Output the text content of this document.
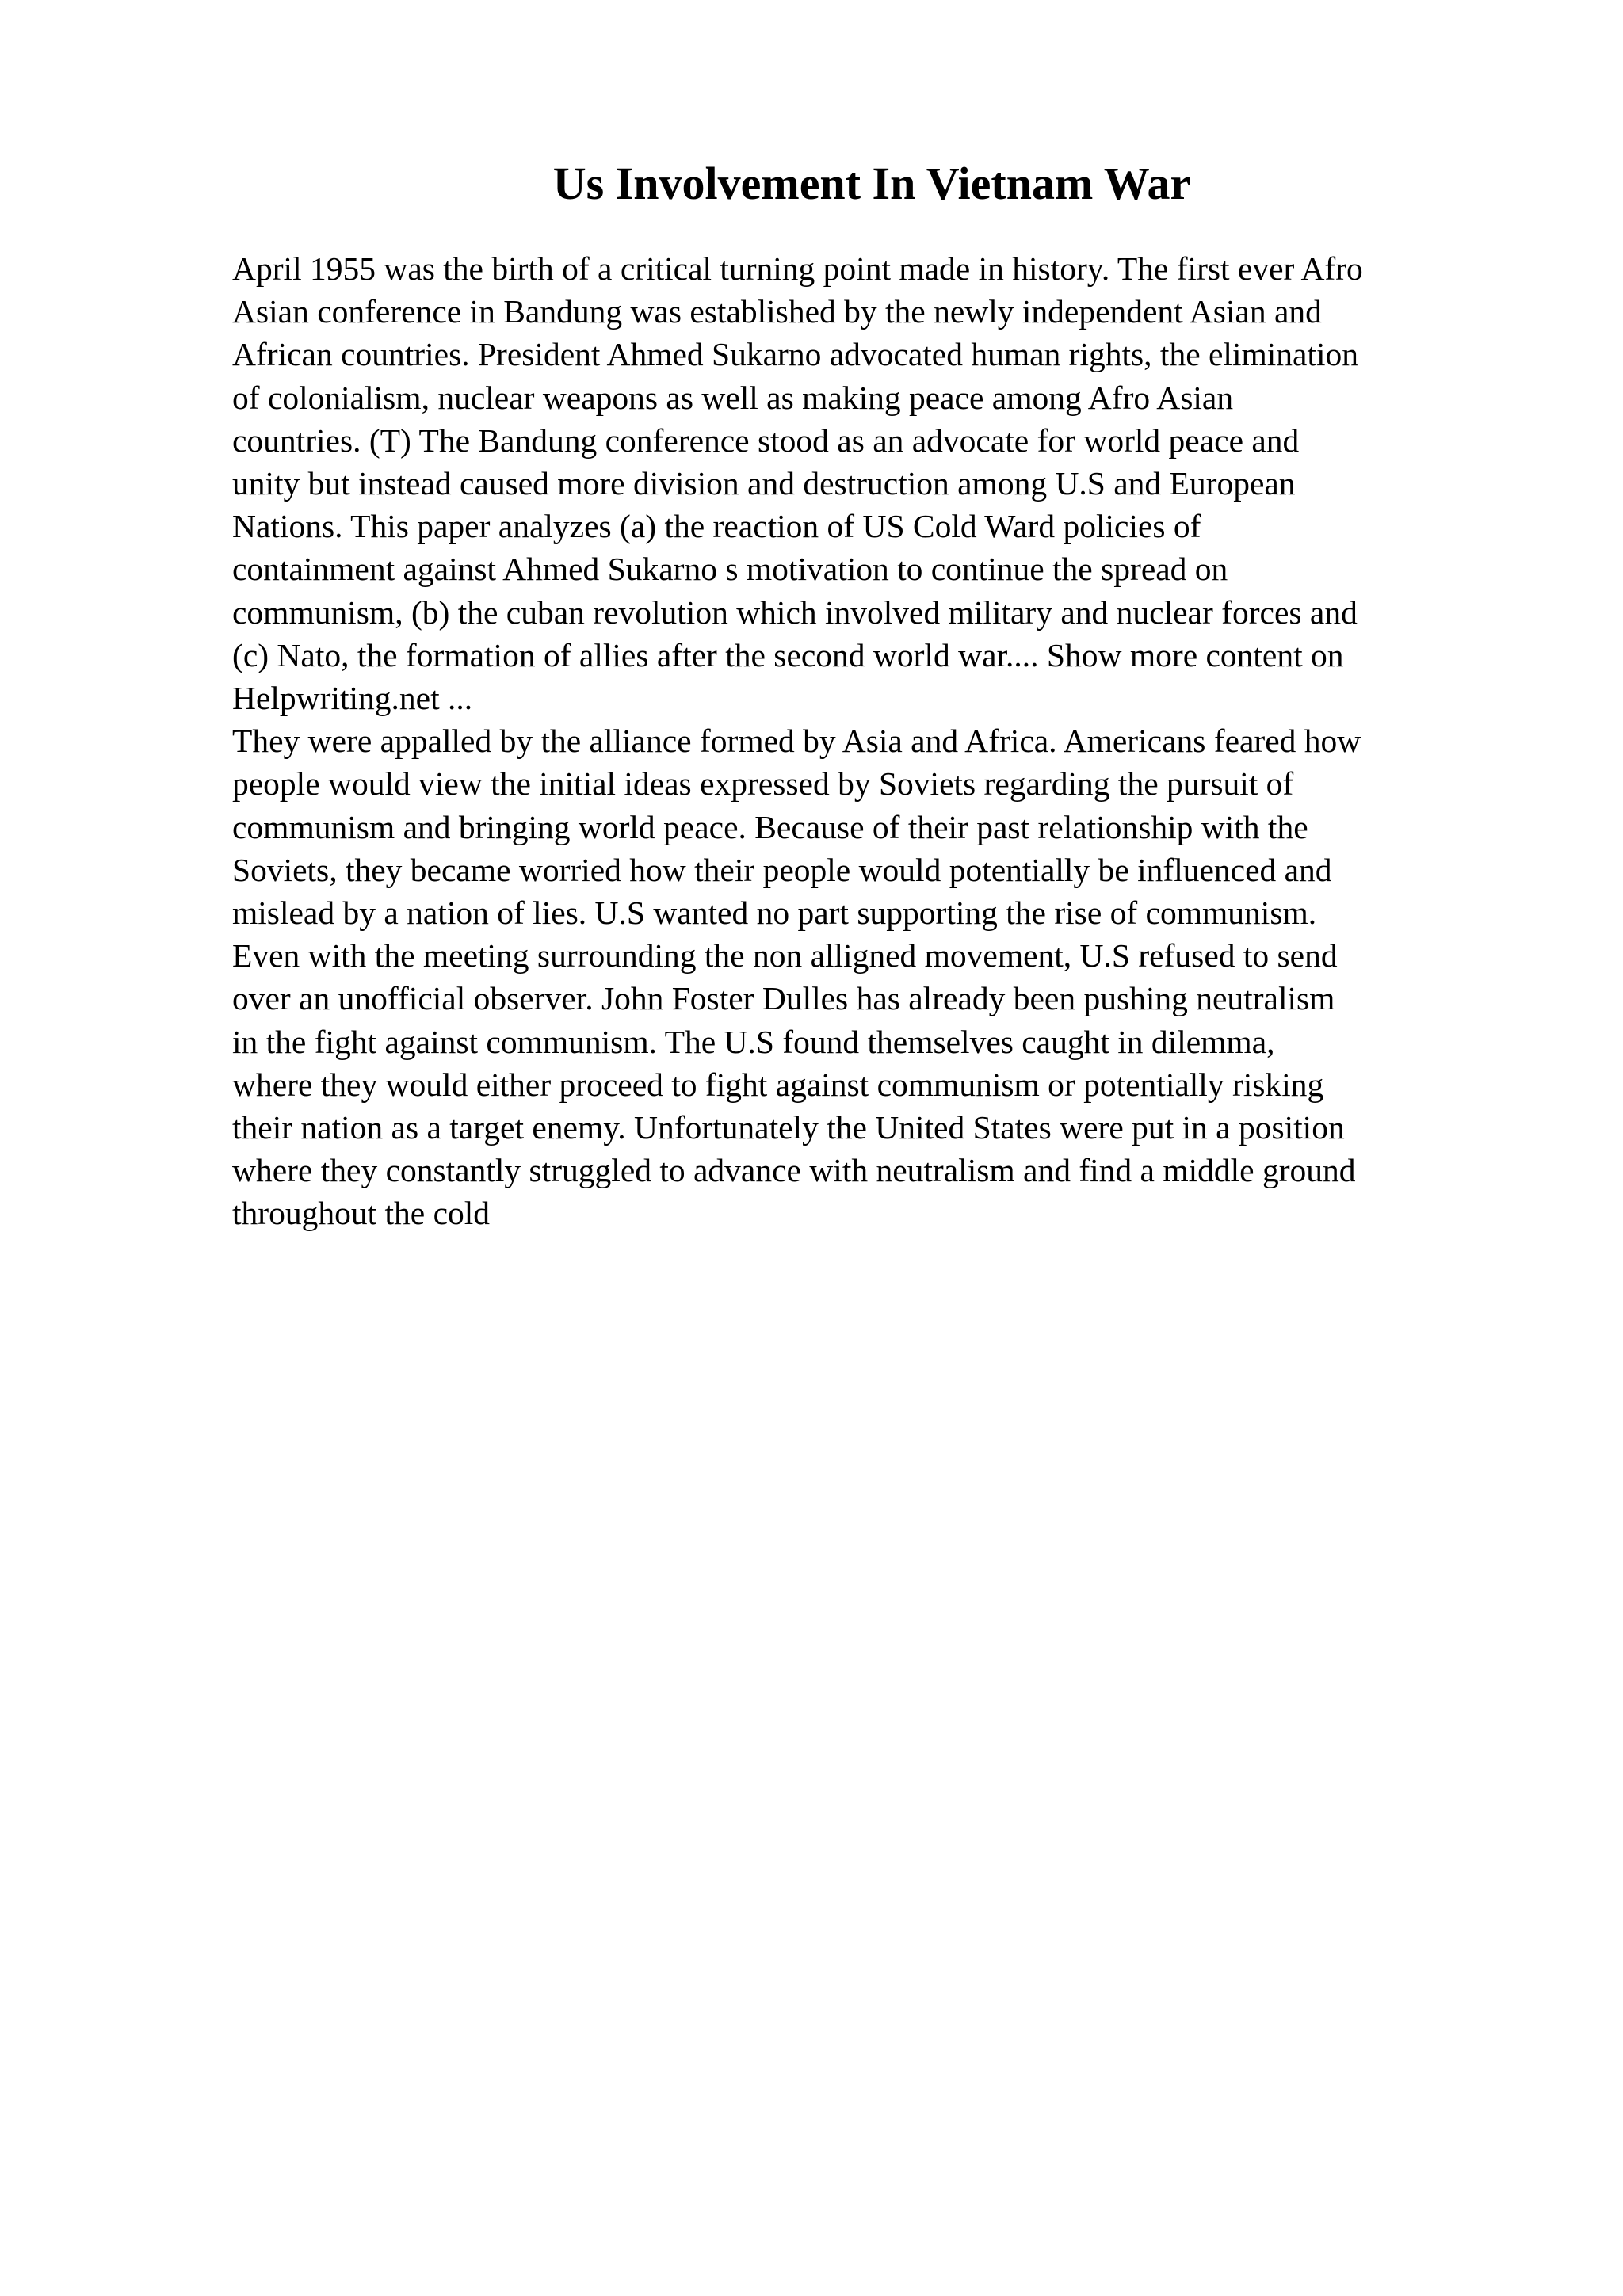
Us Involvement In Vietnam War
April 1955 was the birth of a critical turning point made in history. The first ever Afro
Asian conference in Bandung was established by the newly independent Asian and
African countries. President Ahmed Sukarno advocated human rights, the elimination
of colonialism, nuclear weapons as well as making peace among Afro Asian
countries. (T) The Bandung conference stood as an advocate for world peace and
unity but instead caused more division and destruction among U.S and European
Nations. This paper analyzes (a) the reaction of US Cold Ward policies of
containment against Ahmed Sukarno s motivation to continue the spread on
communism, (b) the cuban revolution which involved military and nuclear forces and
(c) Nato, the formation of allies after the second world war.... Show more content on
Helpwriting.net ...
They were appalled by the alliance formed by Asia and Africa. Americans feared how
people would view the initial ideas expressed by Soviets regarding the pursuit of
communism and bringing world peace. Because of their past relationship with the
Soviets, they became worried how their people would potentially be influenced and
mislead by a nation of lies. U.S wanted no part supporting the rise of communism.
Even with the meeting surrounding the non alligned movement, U.S refused to send
over an unofficial observer. John Foster Dulles has already been pushing neutralism
in the fight against communism. The U.S found themselves caught in dilemma,
where they would either proceed to fight against communism or potentially risking
their nation as a target enemy. Unfortunately the United States were put in a position
where they constantly struggled to advance with neutralism and find a middle ground
throughout the cold
